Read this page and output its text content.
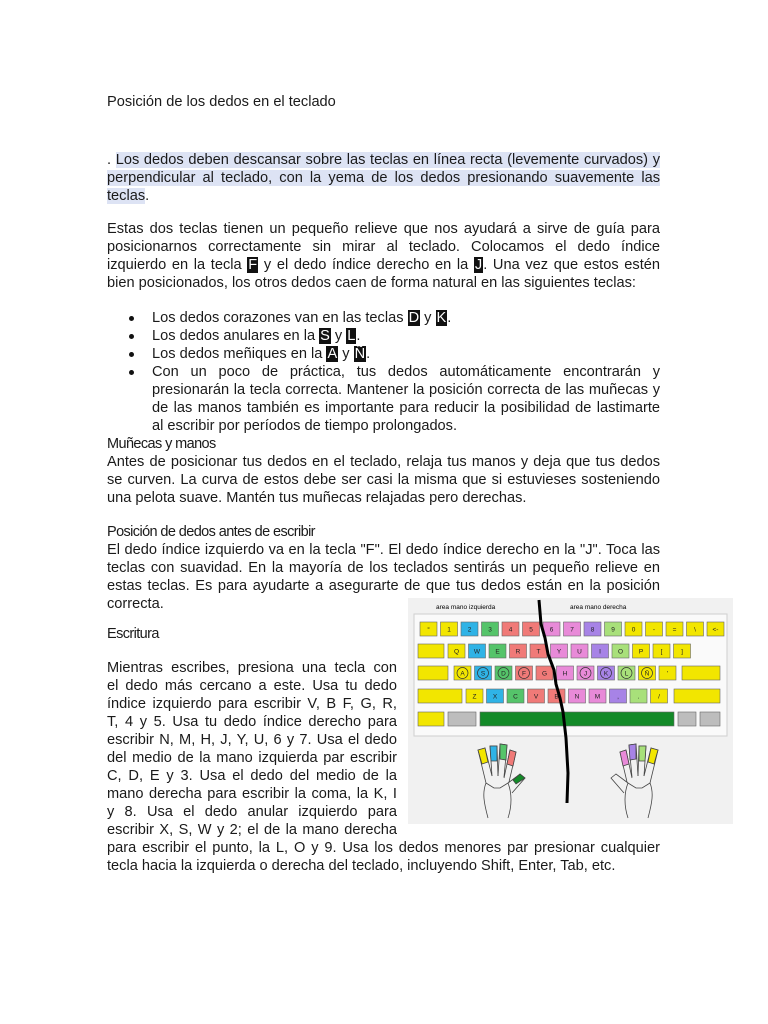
Posición de los dedos en el teclado

. Los dedos deben descansar sobre las teclas en línea recta (levemente curvados) y perpendicular al teclado, con la yema de los dedos presionando suavemente las teclas.

Estas dos teclas tienen un pequeño relieve que nos ayudará a sirve de guía para posicionarnos correctamente sin mirar al teclado. Colocamos el dedo índice izquierdo en la tecla F y el dedo índice derecho en la J. Una vez que estos estén bien posicionados, los otros dedos caen de forma natural en las siguientes teclas:

Los dedos corazones van en las teclas D y K.
Los dedos anulares en la S y L.
Los dedos meñiques en la A y Ñ.
Con un poco de práctica, tus dedos automáticamente encontrarán y presionarán la tecla correcta. Mantener la posición correcta de las muñecas y de las manos también es importante para reducir la posibilidad de lastimarte al escribir por períodos de tiempo prolongados.

Muñecas y manos

Antes de posicionar tus dedos en el teclado, relaja tus manos y deja que tus dedos se curven. La curva de estos debe ser casi la misma que si estuvieses sosteniendo una pelota suave. Mantén tus muñecas relajadas pero derechas.

Posición de dedos antes de escribir

El dedo índice izquierdo va en la tecla "F". El dedo índice derecho en la "J". Toca las teclas con suavidad. En la mayoría de los teclados sentirás un pequeño relieve en estas teclas. Es para ayudarte a asegurarte de que tus dedos están en la posición correcta.

Escritura

Mientras escribes, presiona una tecla con
el dedo más cercano a este. Usa tu dedo
índice izquierdo para escribir V, B F, G, R,
T, 4 y 5. Usa tu dedo índice derecho para
escribir N, M, H, J, Y, U, 6 y 7. Usa el dedo
del medio de la mano izquierda par escribir
C, D, E y 3. Usa el dedo del medio de la
mano derecha para escribir la coma, la K, I
y 8. Usa el dedo anular izquierdo para
escribir X, S, W y 2; el de la mano derecha

para escribir el punto, la L, O y 9. Usa los dedos menores par presionar cualquier tecla hacia la izquierda o derecha del teclado, incluyendo Shift, Enter, Tab, etc.

area mano izquierda	area mano derecha
°	1	2	3	4	5	6	7	8	9	0	-	=	\	<-
Q W E R T	Y U	I	O P	[	]
A S D F G H	J	K	L	Ñ	'
Z	X C V B N M	,	.	/
